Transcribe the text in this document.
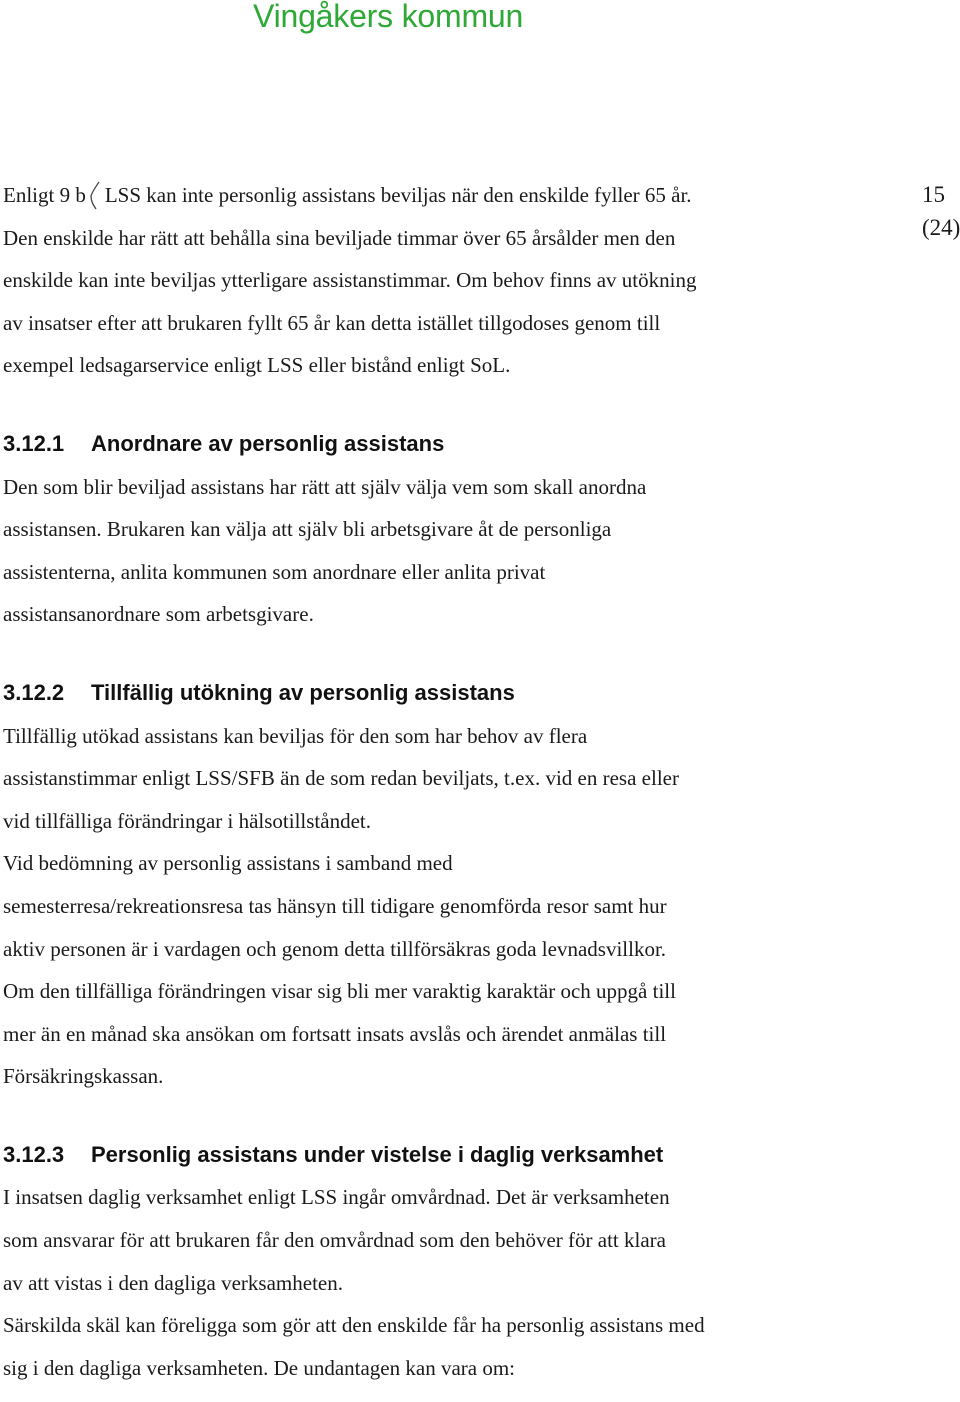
Vingåkers kommun
15
(24)
Enligt 9 b LSS kan inte personlig assistans beviljas när den enskilde fyller 65 år.
Den enskilde har rätt att behålla sina beviljade timmar över 65 årsålder men den
enskilde kan inte beviljas ytterligare assistanstimmar. Om behov finns av utökning
av insatser efter att brukaren fyllt 65 år kan detta istället tillgodoses genom till
exempel ledsagarservice enligt LSS eller bistånd enligt SoL.
3.12.1 Anordnare av personlig assistans
Den som blir beviljad assistans har rätt att själv välja vem som skall anordna
assistansen. Brukaren kan välja att själv bli arbetsgivare åt de personliga
assistenterna, anlita kommunen som anordnare eller anlita privat
assistansanordnare som arbetsgivare.
3.12.2 Tillfällig utökning av personlig assistans
Tillfällig utökad assistans kan beviljas för den som har behov av flera
assistanstimmar enligt LSS/SFB än de som redan beviljats, t.ex. vid en resa eller
vid tillfälliga förändringar i hälsotillståndet.
Vid bedömning av personlig assistans i samband med
semesterresa/rekreationsresa tas hänsyn till tidigare genomförda resor samt hur
aktiv personen är i vardagen och genom detta tillförsäkras goda levnadsvillkor.
Om den tillfälliga förändringen visar sig bli mer varaktig karaktär och uppgå till
mer än en månad ska ansökan om fortsatt insats avslås och ärendet anmälas till
Försäkringskassan.
3.12.3 Personlig assistans under vistelse i daglig verksamhet
I insatsen daglig verksamhet enligt LSS ingår omvårdnad. Det är verksamheten
som ansvarar för att brukaren får den omvårdnad som den behöver för att klara
av att vistas i den dagliga verksamheten.
Särskilda skäl kan föreligga som gör att den enskilde får ha personlig assistans med
sig i den dagliga verksamheten. De undantagen kan vara om:
